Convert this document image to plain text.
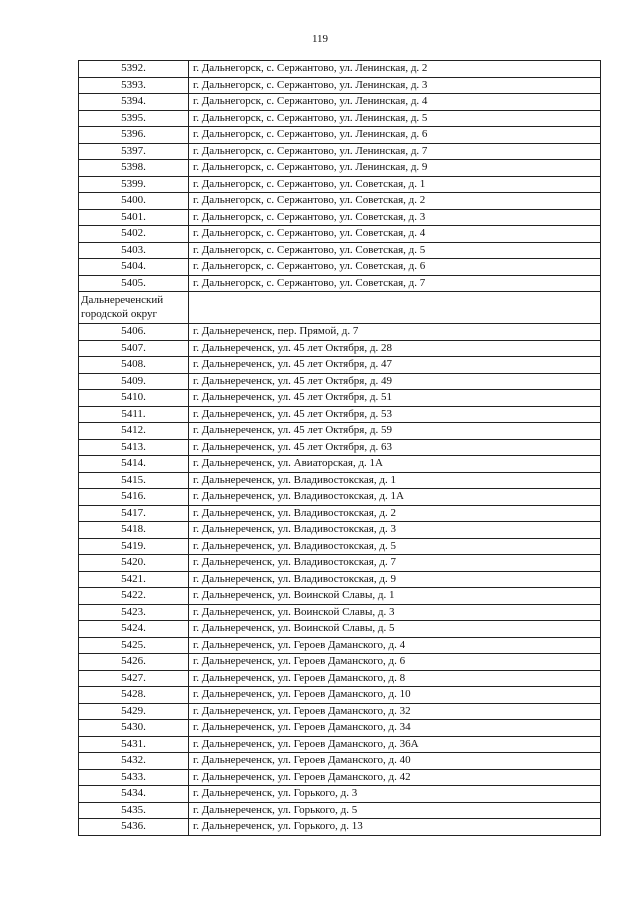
119
5392.	г. Дальнегорск, с. Сержантово, ул. Ленинская, д. 2
5393.	г. Дальнегорск, с. Сержантово, ул. Ленинская, д. 3
5394.	г. Дальнегорск, с. Сержантово, ул. Ленинская, д. 4
5395.	г. Дальнегорск, с. Сержантово, ул. Ленинская, д. 5
5396.	г. Дальнегорск, с. Сержантово, ул. Ленинская, д. 6
5397.	г. Дальнегорск, с. Сержантово, ул. Ленинская, д. 7
5398.	г. Дальнегорск, с. Сержантово, ул. Ленинская, д. 9
5399.	г. Дальнегорск, с. Сержантово, ул. Советская, д. 1
5400.	г. Дальнегорск, с. Сержантово, ул. Советская, д. 2
5401.	г. Дальнегорск, с. Сержантово, ул. Советская, д. 3
5402.	г. Дальнегорск, с. Сержантово, ул. Советская, д. 4
5403.	г. Дальнегорск, с. Сержантово, ул. Советская, д. 5
5404.	г. Дальнегорск, с. Сержантово, ул. Советская, д. 6
5405.	г. Дальнегорск, с. Сержантово, ул. Советская, д. 7
Дальнереченский городской округ	
5406.	г. Дальнереченск, пер. Прямой, д. 7
5407.	г. Дальнереченск, ул. 45 лет Октября, д. 28
5408.	г. Дальнереченск, ул. 45 лет Октября, д. 47
5409.	г. Дальнереченск, ул. 45 лет Октября, д. 49
5410.	г. Дальнереченск, ул. 45 лет Октября, д. 51
5411.	г. Дальнереченск, ул. 45 лет Октября, д. 53
5412.	г. Дальнереченск, ул. 45 лет Октября, д. 59
5413.	г. Дальнереченск, ул. 45 лет Октября, д. 63
5414.	г. Дальнереченск, ул. Авиаторская, д. 1А
5415.	г. Дальнереченск, ул. Владивостокская, д. 1
5416.	г. Дальнереченск, ул. Владивостокская, д. 1А
5417.	г. Дальнереченск, ул. Владивостокская, д. 2
5418.	г. Дальнереченск, ул. Владивостокская, д. 3
5419.	г. Дальнереченск, ул. Владивостокская, д. 5
5420.	г. Дальнереченск, ул. Владивостокская, д. 7
5421.	г. Дальнереченск, ул. Владивостокская, д. 9
5422.	г. Дальнереченск, ул. Воинской Славы, д. 1
5423.	г. Дальнереченск, ул. Воинской Славы, д. 3
5424.	г. Дальнереченск, ул. Воинской Славы, д. 5
5425.	г. Дальнереченск, ул. Героев Даманского, д. 4
5426.	г. Дальнереченск, ул. Героев Даманского, д. 6
5427.	г. Дальнереченск, ул. Героев Даманского, д. 8
5428.	г. Дальнереченск, ул. Героев Даманского, д. 10
5429.	г. Дальнереченск, ул. Героев Даманского, д. 32
5430.	г. Дальнереченск, ул. Героев Даманского, д. 34
5431.	г. Дальнереченск, ул. Героев Даманского, д. 36А
5432.	г. Дальнереченск, ул. Героев Даманского, д. 40
5433.	г. Дальнереченск, ул. Героев Даманского, д. 42
5434.	г. Дальнереченск, ул. Горького, д. 3
5435.	г. Дальнереченск, ул. Горького, д. 5
5436.	г. Дальнереченск, ул. Горького, д. 13
